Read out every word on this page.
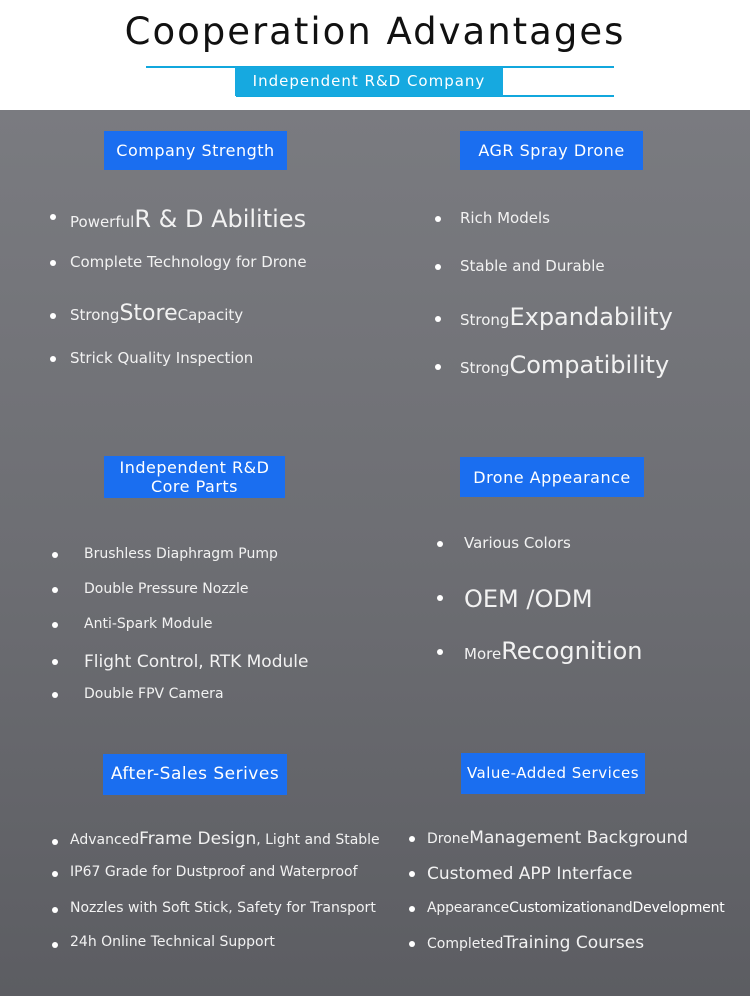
Cooperation Advantages
Independent R&D Company
Company Strength
Powerful R & D Abilities
Complete Technology for Drone
Strong Store Capacity
Strick Quality Inspection
AGR Spray Drone
Rich Models
Stable and Durable
Strong Expandability
Strong Compatibility
Independent R&D
Core Parts
Brushless Diaphragm Pump
Double Pressure Nozzle
Anti-Spark Module
Flight Control, RTK Module
Double FPV Camera
Drone Appearance
Various Colors
OEM /ODM
More Recognition
After-Sales Serives
Advanced Frame Design , Light and Stable
IP67 Grade for Dustproof and Waterproof
Nozzles with Soft Stick, Safety for Transport
24h Online Technical Support
Value-Added Services
Drone Management Background
Customed APP Interface
Appearance Customization and Development
Completed Training Courses
